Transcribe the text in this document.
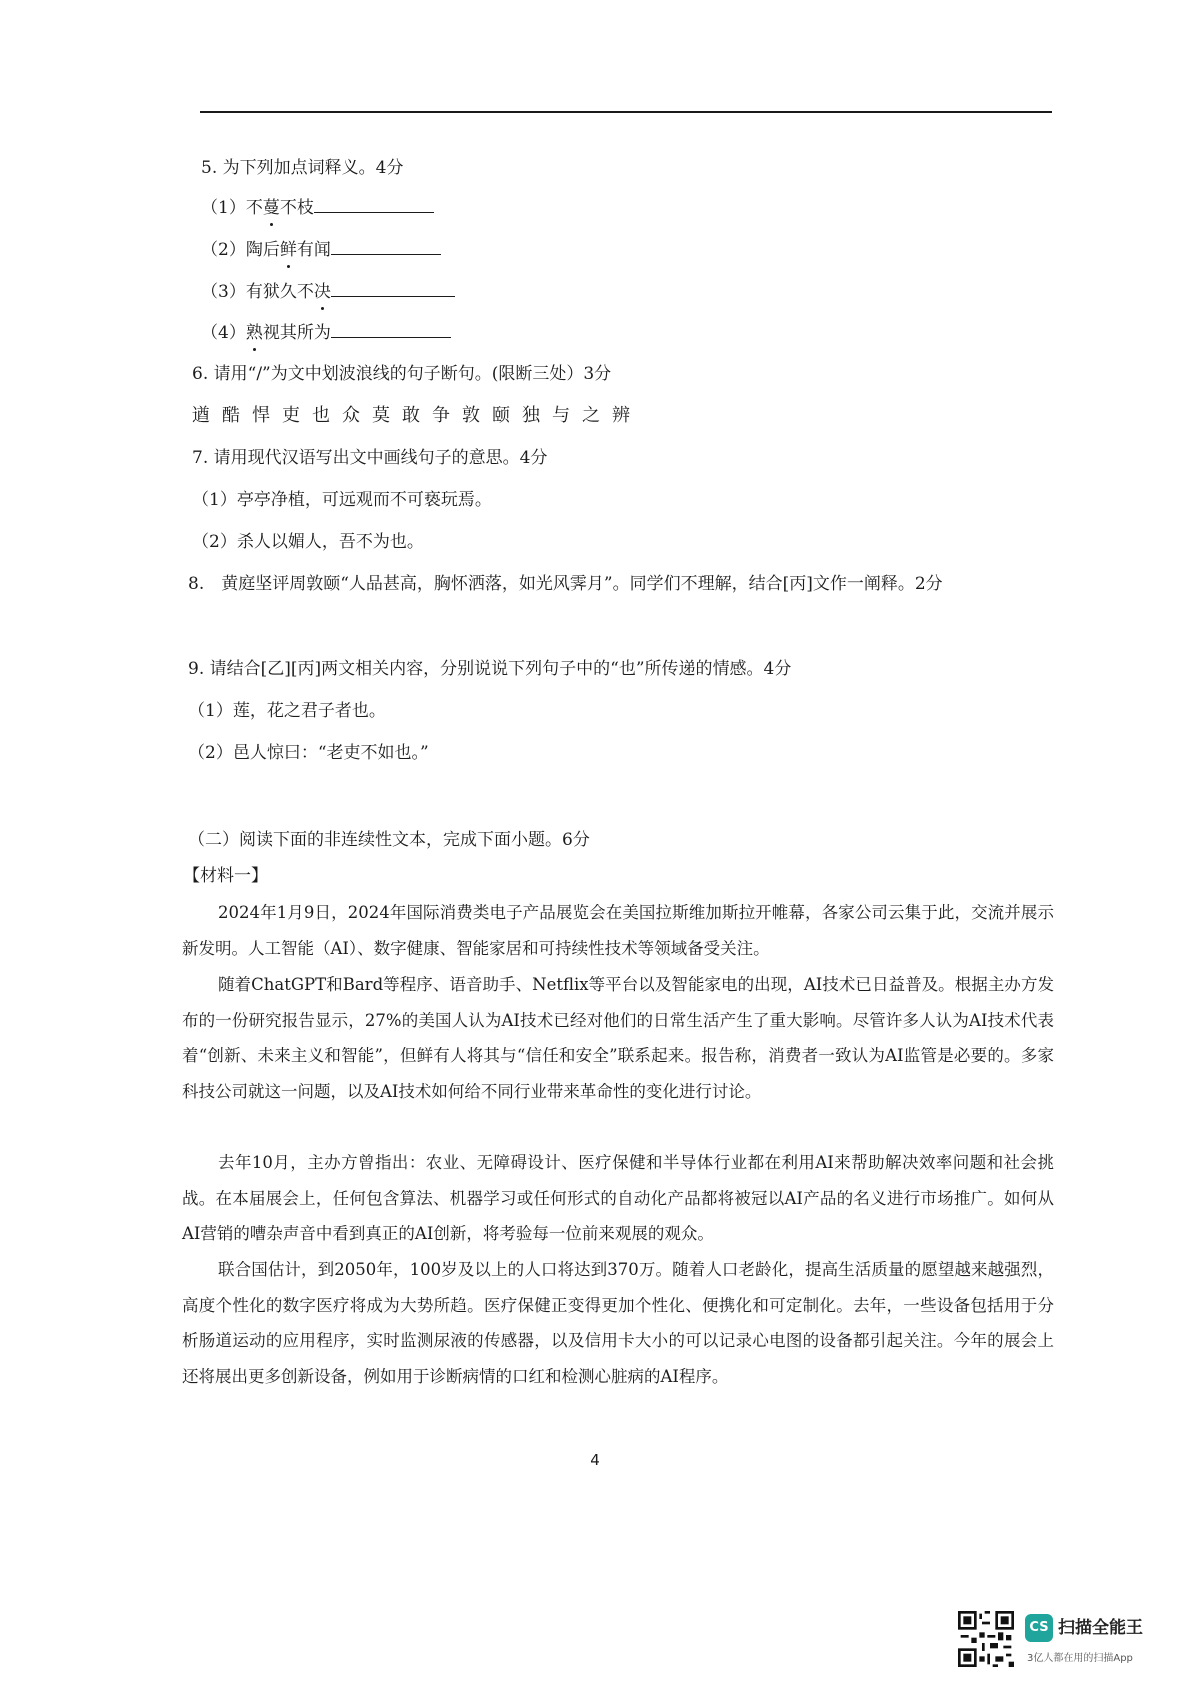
5. 为下列加点词释义。4分
（1）不蔓不枝
（2）陶后鲜有闻
（3）有狱久不决
（4）熟视其所为
6. 请用“/”为文中划波浪线的句子断句。(限断三处）3分
遒酷悍吏也众莫敢争敦颐独与之辨
7. 请用现代汉语写出文中画线句子的意思。4分
（1）亭亭净植，可远观而不可亵玩焉。
（2）杀人以媚人，吾不为也。
8.　黄庭坚评周敦颐“人品甚高，胸怀洒落，如光风霁月”。同学们不理解，结合[丙]文作一阐释。2分
9. 请结合[乙][丙]两文相关内容，分别说说下列句子中的“也”所传递的情感。4分
（1）莲，花之君子者也。
（2）邑人惊曰：“老吏不如也。”
（二）阅读下面的非连续性文本，完成下面小题。6分
【材料一】

2024年1月9日，2024年国际消费类电子产品展览会在美国拉斯维加斯拉开帷幕，各家公司云集于此，交流并展示新发明。人工智能（AI）、数字健康、智能家居和可持续性技术等领域备受关注。

随着ChatGPT和Bard等程序、语音助手、Netflix等平台以及智能家电的出现，AI技术已日益普及。根据主办方发布的一份研究报告显示，27%的美国人认为AI技术已经对他们的日常生活产生了重大影响。尽管许多人认为AI技术代表着“创新、未来主义和智能”，但鲜有人将其与“信任和安全”联系起来。报告称，消费者一致认为AI监管是必要的。多家科技公司就这一问题，以及AI技术如何给不同行业带来革命性的变化进行讨论。

去年10月，主办方曾指出：农业、无障碍设计、医疗保健和半导体行业都在利用AI来帮助解决效率问题和社会挑战。在本届展会上，任何包含算法、机器学习或任何形式的自动化产品都将被冠以AI产品的名义进行市场推广。如何从AI营销的嘈杂声音中看到真正的AI创新，将考验每一位前来观展的观众。

联合国估计，到2050年，100岁及以上的人口将达到370万。随着人口老龄化，提高生活质量的愿望越来越强烈，高度个性化的数字医疗将成为大势所趋。医疗保健正变得更加个性化、便携化和可定制化。去年，一些设备包括用于分析肠道运动的应用程序，实时监测尿液的传感器，以及信用卡大小的可以记录心电图的设备都引起关注。今年的展会上还将展出更多创新设备，例如用于诊断病情的口红和检测心脏病的AI程序。

4
CS 扫描全能王
3亿人都在用的扫描App
